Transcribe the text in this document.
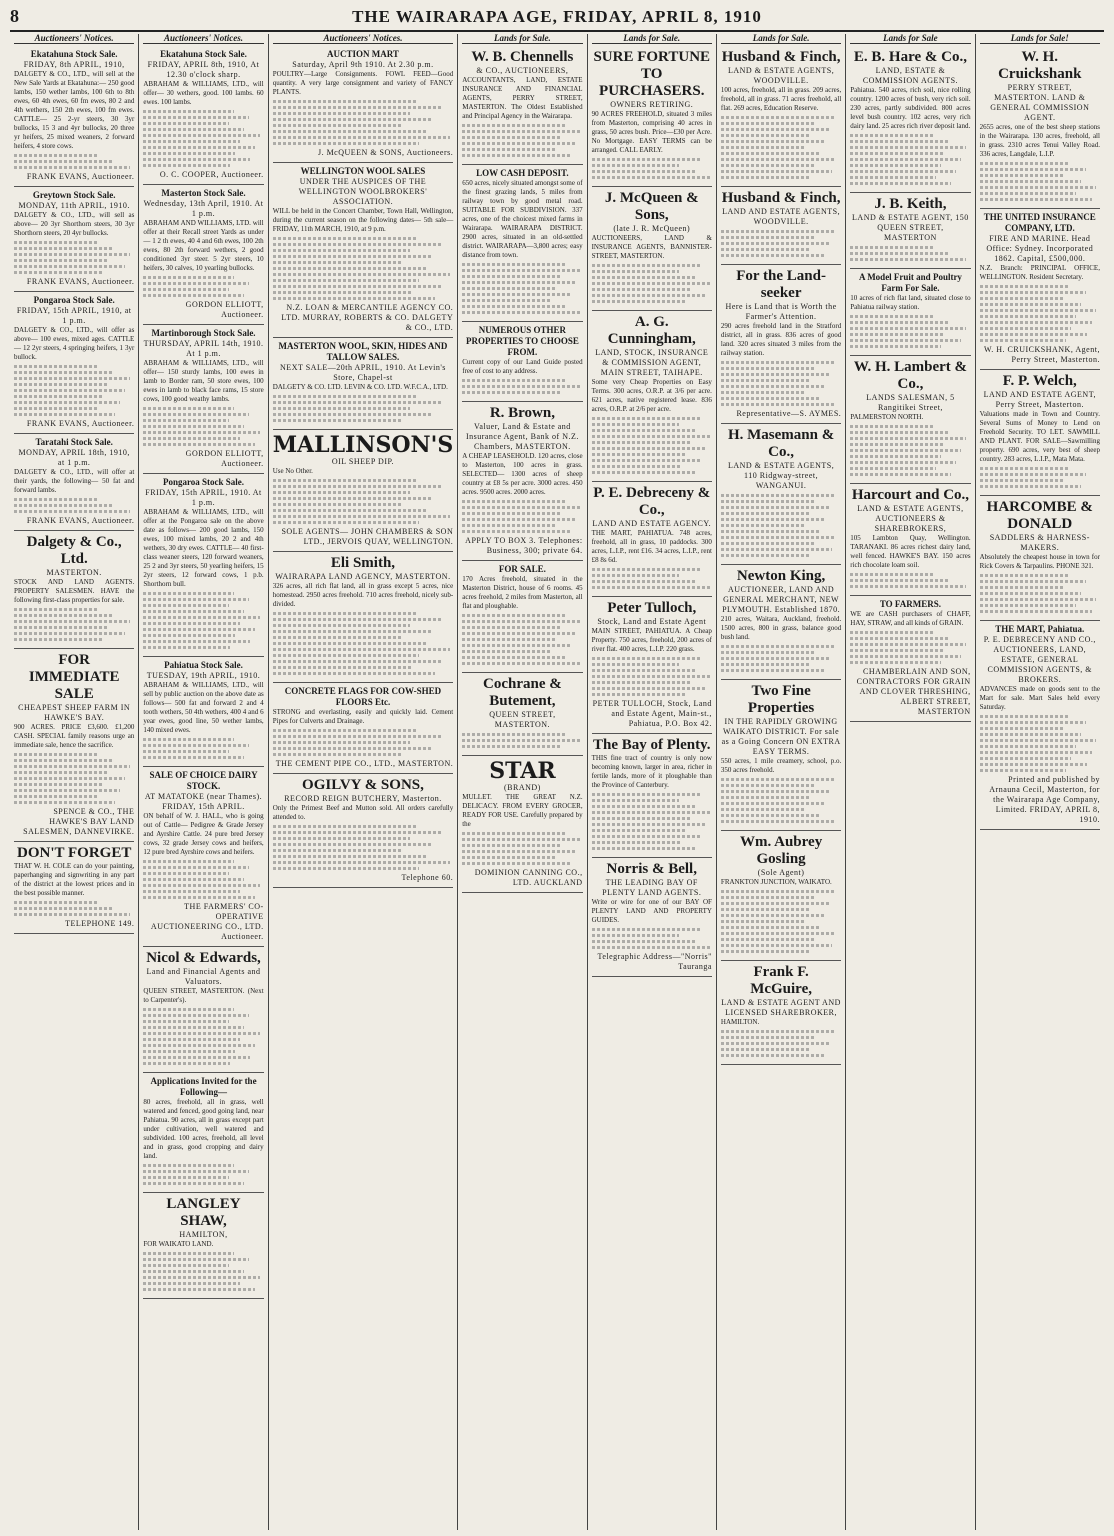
8	THE WAIRARAPA AGE, FRIDAY, APRIL 8, 1910
Auctioneers' Notices.
Ekatahuna Stock Sale.
FRIDAY, 8th APRIL, 1910,
DALGETY & CO., LTD., will sell at the New Sale Yards at Ekatahuna:— 250 good lambs, 150 wether lambs, 100 6th to 8th ewes, 60 4th ewes, 60 fm ewes, 80 2 and 4th wethers, 150 2th ewes, 100 fm ewes. CATTLE— 25 2-yr steers, 30 3yr bullocks, 15 3 and 4yr bullocks, 20 three yr heifers, 25 mixed weaners, 2 forward heifers, 4 store cows.
FRANK EVANS, Auctioneer.
Greytown Stock Sale.
MONDAY, 11th APRIL, 1910.
DALGETY & CO., LTD., will sell as above— 20 3yr Shorthorn steers, 30 3yr Shorthorn steers, 20 4yr bullocks.
FRANK EVANS, Auctioneer.
Pongaroa Stock Sale.
FRIDAY, 15th APRIL, 1910, at 1 p.m.
DALGETY & CO., LTD., will offer as above— 100 ewes, mixed ages. CATTLE— 12 2yr steers, 4 springing heifers, 1 3yr bullock.
FRANK EVANS, Auctioneer.
Taratahi Stock Sale.
MONDAY, APRIL 18th, 1910, at 1 p.m.
DALGETY & CO., LTD., will offer at their yards, the following— 50 fat and forward lambs.
FRANK EVANS, Auctioneer.
Dalgety & Co., Ltd.
MASTERTON.
STOCK AND LAND AGENTS. PROPERTY SALESMEN. HAVE the following first-class properties for sale.
FOR IMMEDIATE SALE
CHEAPEST SHEEP FARM IN HAWKE'S BAY.
900 ACRES. PRICE £3,600. £1,200 CASH. SPECIAL family reasons urge an immediate sale, hence the sacrifice.
SPENCE & CO., THE HAWKE'S BAY LAND SALESMEN, DANNEVIRKE.
DON'T FORGET
THAT W. H. COLE can do your painting, paperhanging and signwriting in any part of the district at the lowest prices and in the best possible manner.
TELEPHONE 149.
Auctioneers' Notices.
Ekatahuna Stock Sale.
FRIDAY, APRIL 8th, 1910, At 12.30 o'clock sharp.
ABRAHAM & WILLIAMS, LTD., will offer— 30 wethers, good. 100 lambs. 60 ewes. 100 lambs.
O. C. COOPER, Auctioneer.
Masterton Stock Sale.
Wednesday, 13th April, 1910. At 1 p.m.
ABRAHAM AND WILLIAMS, LTD. will offer at their Recall street Yards as under— 1 2 th ewes, 40 4 and 6th ewes, 100 2th ewes, 80 2th forward wethers, 2 good conditioned 3yr steer. 5 2yr steers, 10 heifers, 30 calves, 10 yearling bullocks.
GORDON ELLIOTT, Auctioneer.
Martinborough Stock Sale.
THURSDAY, APRIL 14th, 1910. At 1 p.m.
ABRAHAM & WILLIAMS, LTD., will offer— 150 sturdy lambs, 100 ewes in lamb to Border ram, 50 store ewes, 100 ewes in lamb to black face rams, 15 store cows, 100 good weathy lambs.
GORDON ELLIOTT, Auctioneer.
Pongaroa Stock Sale.
FRIDAY, 15th APRIL, 1910. At 1 p.m.
ABRAHAM & WILLIAMS, LTD., will offer at the Pongaroa sale on the above date as follows— 200 good lambs, 150 ewes, 100 mixed lambs, 20 2 and 4th wethers, 30 dry ewes. CATTLE— 40 first-class weaner steers, 120 forward weaners, 25 2 and 3yr steers, 50 yearling heifers, 15 2yr steers, 12 forward cows, 1 p.b. Shorthorn bull.
Pahiatua Stock Sale.
TUESDAY, 19th APRIL, 1910.
ABRAHAM & WILLIAMS, LTD., will sell by public auction on the above date as follows— 500 fat and forward 2 and 4 tooth wethers, 50 4th wethers, 400 4 and 6 year ewes, good line, 50 wether lambs, 140 mixed ewes.
SALE OF CHOICE DAIRY STOCK.
AT MATATOKE (near Thames). FRIDAY, 15th APRIL.
ON behalf of W. J. HALL, who is going out of Cattle— Pedigree & Grade Jersey and Ayrshire Cattle. 24 pure bred Jersey cows, 32 grade Jersey cows and heifers, 12 pure bred Ayrshire cows and heifers.
THE FARMERS' CO-OPERATIVE AUCTIONEERING CO., LTD. Auctioneer.
Nicol & Edwards,
Land and Financial Agents and Valuators.
QUEEN STREET, MASTERTON. (Next to Carpenter's).
Applications Invited for the Following—
80 acres, freehold, all in grass, well watered and fenced, good going land, near Pahiatua. 90 acres, all in grass except part under cultivation, well watered and subdivided. 100 acres, freehold, all level and in grass, good cropping and dairy land.
LANGLEY SHAW,
HAMILTON,
FOR WAIKATO LAND.
Auctioneers' Notices.
AUCTION MART
Saturday, April 9th 1910. At 2.30 p.m.
POULTRY—Large Consignments. FOWL FEED—Good quantity. A very large consignment and variety of FANCY PLANTS.
J. McQUEEN & SONS, Auctioneers.
WELLINGTON WOOL SALES
UNDER THE AUSPICES OF THE WELLINGTON WOOLBROKERS' ASSOCIATION.
WILL be held in the Concert Chamber, Town Hall, Wellington, during the current season on the following dates— 5th sale—FRIDAY, 11th MARCH, 1910, at 9 p.m.
N.Z. LOAN & MERCANTILE AGENCY CO. LTD. MURRAY, ROBERTS & CO. DALGETY & CO., LTD.
MASTERTON WOOL, SKIN, HIDES AND TALLOW SALES.
NEXT SALE—20th APRIL, 1910. At Levin's Store, Chapel-st
DALGETY & CO. LTD. LEVIN & CO. LTD. W.F.C.A., LTD.
MALLINSON'S
OIL SHEEP DIP.
Use No Other.
SOLE AGENTS— JOHN CHAMBERS & SON LTD., JERVOIS QUAY, WELLINGTON.
Eli Smith,
WAIRARAPA LAND AGENCY, MASTERTON.
326 acres, all rich flat land, all in grass except 5 acres, nice homestead. 2950 acres freehold. 710 acres freehold, nicely sub-divided.
CONCRETE FLAGS FOR COW-SHED FLOORS Etc.
STRONG and everlasting, easily and quickly laid. Cement Pipes for Culverts and Drainage.
THE CEMENT PIPE CO., LTD., MASTERTON.
OGILVY & SONS,
RECORD REIGN BUTCHERY, Masterton.
Only the Primest Beef and Mutton sold. All orders carefully attended to.
Telephone 60.
Lands for Sale.
W. B. Chennells
& CO., AUCTIONEERS,
ACCOUNTANTS, LAND, ESTATE INSURANCE AND FINANCIAL AGENTS, PERRY STREET, MASTERTON. The Oldest Established and Principal Agency in the Wairarapa.
LOW CASH DEPOSIT.
650 acres, nicely situated amongst some of the finest grazing lands, 5 miles from railway town by good metal road. SUITABLE FOR SUBDIVISION. 337 acres, one of the choicest mixed farms in Wairarapa. WAIRARAPA DISTRICT. 2900 acres, situated in an old-settled district. WAIRARAPA—3,800 acres; easy distance from town.
NUMEROUS OTHER PROPERTIES TO CHOOSE FROM.
Current copy of our Land Guide posted free of cost to any address.
R. Brown,
Valuer, Land & Estate and Insurance Agent, Bank of N.Z. Chambers, MASTERTON.
A CHEAP LEASEHOLD. 120 acres, close to Masterton, 100 acres in grass. SELECTED— 1300 acres of sheep country at £8 5s per acre. 3000 acres. 450 acres. 9500 acres. 2000 acres.
APPLY TO BOX 3. Telephones: Business, 300; private 64.
FOR SALE.
170 Acres freehold, situated in the Masterton District, house of 6 rooms. 45 acres freehold, 2 miles from Masterton, all flat and ploughable.
Cochrane & Butement,
QUEEN STREET, MASTERTON.
STAR
(BRAND)
MULLET. THE GREAT N.Z. DELICACY. FROM EVERY GROCER, READY FOR USE. Carefully prepared by the
DOMINION CANNING CO., LTD. AUCKLAND
Lands for Sale.
SURE FORTUNE TO PURCHASERS.
OWNERS RETIRING.
90 ACRES FREEHOLD, situated 3 miles from Masterton, comprising 40 acres in grass, 50 acres bush. Price—£30 per Acre. No Mortgage. EASY TERMS can be arranged. CALL EARLY.
J. McQueen & Sons,
(late J. R. McQueen)
AUCTIONEERS, LAND & INSURANCE AGENTS, BANNISTER-STREET, MASTERTON.
A. G. Cunningham,
LAND, STOCK, INSURANCE & COMMISSION AGENT, MAIN STREET, TAIHAPE.
Some very Cheap Properties on Easy Terms. 300 acres, O.R.P. at 3/6 per acre. 621 acres, native registered lease. 836 acres, O.R.P. at 2/6 per acre.
P. E. Debreceny & Co.,
LAND AND ESTATE AGENCY.
THE MART, PAHIATUA. 748 acres, freehold, all in grass, 10 paddocks. 300 acres, L.I.P., rent £16. 34 acres, L.I.P., rent £8 8s 6d.
Peter Tulloch,
Stock, Land and Estate Agent
MAIN STREET, PAHIATUA. A Cheap Property. 750 acres, freehold, 200 acres of river flat. 400 acres, L.I.P. 220 grass.
PETER TULLOCH, Stock, Land and Estate Agent, Main-st., Pahiatua, P.O. Box 42.
The Bay of Plenty.
THIS fine tract of country is only now becoming known, larger in area, richer in fertile lands, more of it ploughable than the Province of Canterbury.
Norris & Bell,
THE LEADING BAY OF PLENTY LAND AGENTS.
Write or wire for one of our BAY OF PLENTY LAND AND PROPERTY GUIDES.
Telegraphic Address—"Norris" Tauranga
Lands for Sale.
Husband & Finch,
LAND & ESTATE AGENTS, WOODVILLE.
100 acres, freehold, all in grass. 209 acres, freehold, all in grass. 71 acres freehold, all flat. 269 acres, Education Reserve.
Husband & Finch,
LAND AND ESTATE AGENTS, WOODVILLE.
For the Land-seeker
Here is Land that is Worth the Farmer's Attention.
290 acres freehold land in the Stratford district, all in grass. 836 acres of good land. 320 acres situated 3 miles from the railway station.
Representative—S. AYMES.
H. Masemann & Co.,
LAND & ESTATE AGENTS, 110 Ridgway-street, WANGANUI.
Newton King,
AUCTIONEER, LAND AND GENERAL MERCHANT, NEW PLYMOUTH. Established 1870.
210 acres, Waitara, Auckland, freehold. 1500 acres, 800 in grass, balance good bush land.
Two Fine Properties
IN THE RAPIDLY GROWING WAIKATO DISTRICT. For sale as a Going Concern ON EXTRA EASY TERMS.
550 acres, 1 mile creamery, school, p.o. 350 acres freehold.
Wm. Aubrey Gosling
(Sole Agent)
FRANKTON JUNCTION, WAIKATO.
Frank F. McGuire,
LAND & ESTATE AGENT AND LICENSED SHAREBROKER,
HAMILTON.
Lands for Sale
E. B. Hare & Co.,
LAND, ESTATE & COMMISSION AGENTS.
Pahiatua. 540 acres, rich soil, nice rolling country. 1200 acres of bush, very rich soil. 230 acres, partly subdivided. 800 acres level bush country. 102 acres, very rich dairy land. 25 acres rich river deposit land.
J. B. Keith,
LAND & ESTATE AGENT, 150 QUEEN STREET, MASTERTON
A Model Fruit and Poultry Farm For Sale.
10 acres of rich flat land, situated close to Pahiatua railway station.
W. H. Lambert & Co.,
LANDS SALESMAN, 5 Rangitikei Street,
PALMERSTON NORTH.
Harcourt and Co.,
LAND & ESTATE AGENTS, AUCTIONEERS & SHAREBROKERS,
105 Lambton Quay, Wellington. TARANAKI. 86 acres richest dairy land, well fenced. HAWKE'S BAY. 150 acres rich chocolate loam soil.
TO FARMERS.
WE are CASH purchasers of CHAFF, HAY, STRAW, and all kinds of GRAIN.
CHAMBERLAIN AND SON, CONTRACTORS FOR GRAIN AND CLOVER THRESHING, ALBERT STREET, MASTERTON
Lands for Sale!
W. H. Cruickshank
PERRY STREET, MASTERTON. LAND & GENERAL COMMISSION AGENT.
2655 acres, one of the best sheep stations in the Wairarapa. 130 acres, freehold, all in grass. 2310 acres Tenui Valley Road. 336 acres, Langdale, L.I.P.
THE UNITED INSURANCE COMPANY, LTD.
FIRE AND MARINE. Head Office: Sydney. Incorporated 1862. Capital, £500,000.
N.Z. Branch: PRINCIPAL OFFICE, WELLINGTON. Resident Secretary.
W. H. CRUICKSHANK, Agent, Perry Street, Masterton.
F. P. Welch,
LAND AND ESTATE AGENT, Perry Street, Masterton.
Valuations made in Town and Country. Several Sums of Money to Lend on Freehold Security. TO LET. SAWMILL AND PLANT. FOR SALE—Sawmilling property. 690 acres, very best of sheep country. 283 acres, L.I.P., Mata Mata.
HARCOMBE & DONALD
SADDLERS & HARNESS-MAKERS.
Absolutely the cheapest house in town for Rick Covers & Tarpaulins. PHONE 321.
THE MART, Pahiatua.
P. E. DEBRECENY AND CO., AUCTIONEERS, LAND, ESTATE, GENERAL COMMISSION AGENTS, & BROKERS.
ADVANCES made on goods sent to the Mart for sale. Mart Sales held every Saturday.
Printed and published by Arnauna Cecil, Masterton, for the Wairarapa Age Company, Limited. FRIDAY, APRIL 8, 1910.
